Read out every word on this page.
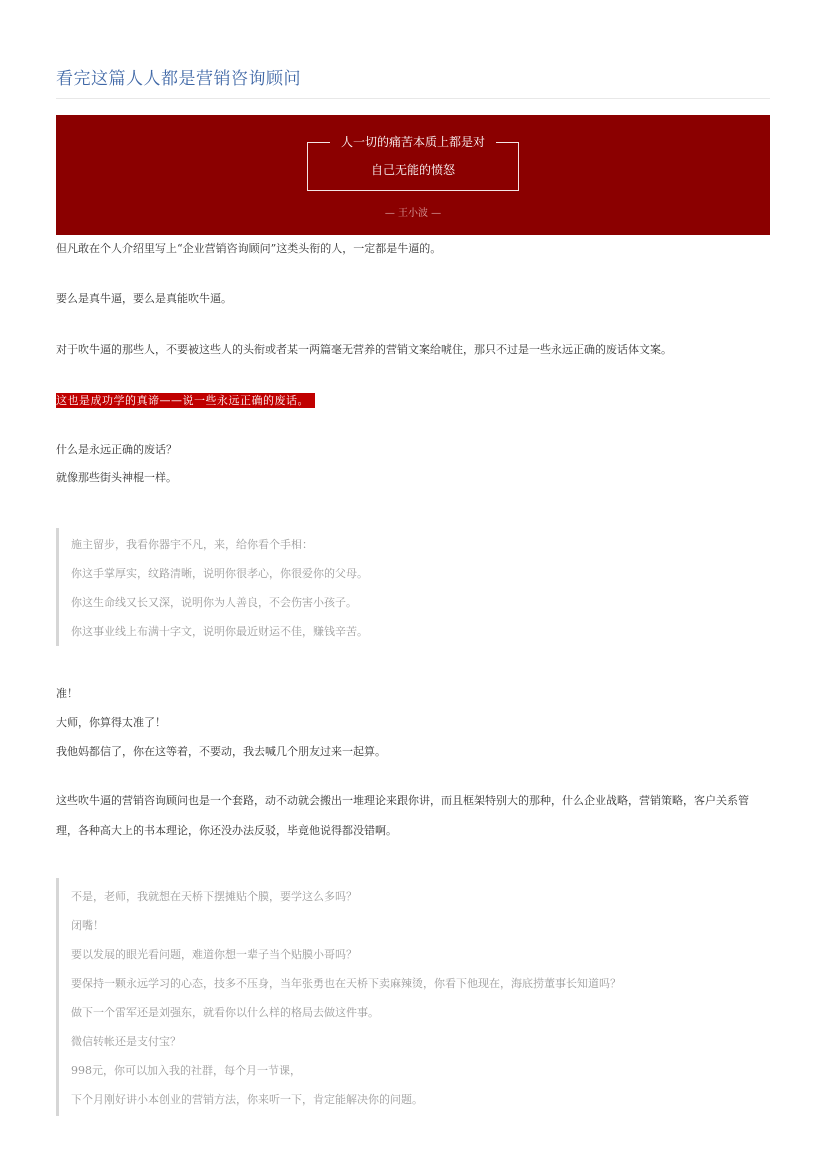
看完这篇人人都是营销咨询顾问
人一切的痛苦本质上都是对
自己无能的愤怒
— 王小波 —
但凡敢在个人介绍里写上“企业营销咨询顾问”这类头衔的人，一定都是牛逼的。
要么是真牛逼，要么是真能吹牛逼。
对于吹牛逼的那些人，不要被这些人的头衔或者某一两篇毫无营养的营销文案给唬住，那只不过是一些永远正确的废话体文案。
这也是成功学的真谛——说一些永远正确的废话。
什么是永远正确的废话？
就像那些街头神棍一样。
施主留步，我看你器宇不凡，来，给你看个手相：
你这手掌厚实，纹路清晰，说明你很孝心，你很爱你的父母。
你这生命线又长又深，说明你为人善良，不会伤害小孩子。
你这事业线上布满十字文，说明你最近财运不佳，赚钱辛苦。
准！
大师，你算得太准了！
我他妈都信了，你在这等着，不要动，我去喊几个朋友过来一起算。
这些吹牛逼的营销咨询顾问也是一个套路，动不动就会搬出一堆理论来跟你讲，而且框架特别大的那种，什么企业战略，营销策略，客户关系管理，各种高大上的书本理论，你还没办法反驳，毕竟他说得都没错啊。
不是，老师，我就想在天桥下摆摊贴个膜，要学这么多吗？
闭嘴！
要以发展的眼光看问题，难道你想一辈子当个贴膜小哥吗？
要保持一颗永远学习的心态，技多不压身，当年张勇也在天桥下卖麻辣烫，你看下他现在，海底捞董事长知道吗？
做下一个雷军还是刘强东，就看你以什么样的格局去做这件事。
微信转帐还是支付宝？
998元，你可以加入我的社群，每个月一节课，
下个月刚好讲小本创业的营销方法，你来听一下，肯定能解决你的问题。
